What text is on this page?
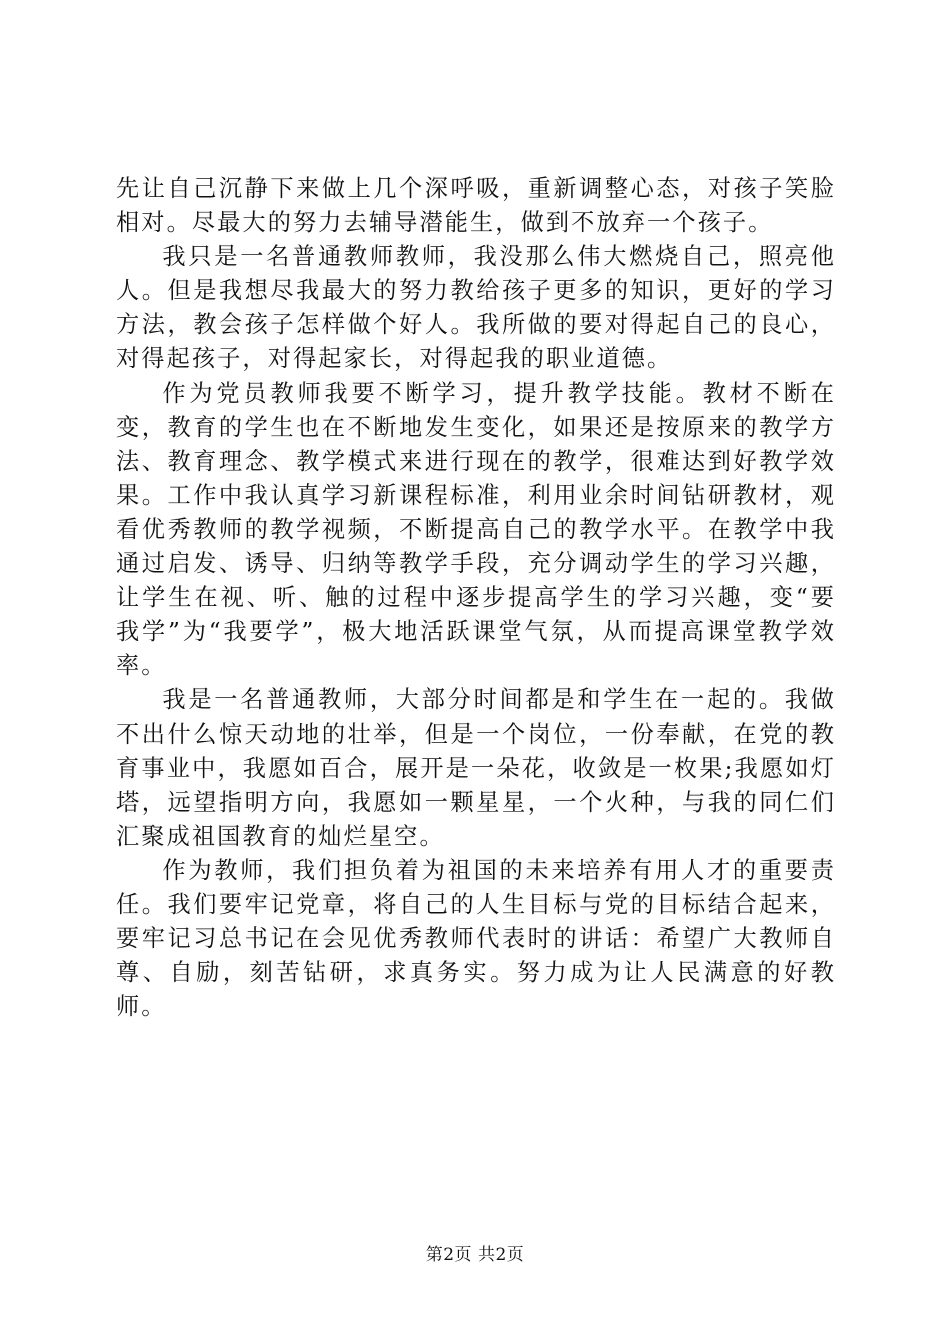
先让自己沉静下来做上几个深呼吸，重新调整心态，对孩子笑脸相对。尽最大的努力去辅导潜能生，做到不放弃一个孩子。

我只是一名普通教师教师，我没那么伟大燃烧自己，照亮他人。但是我想尽我最大的努力教给孩子更多的知识，更好的学习方法，教会孩子怎样做个好人。我所做的要对得起自己的良心，对得起孩子，对得起家长，对得起我的职业道德。

作为党员教师我要不断学习，提升教学技能。教材不断在变，教育的学生也在不断地发生变化，如果还是按原来的教学方法、教育理念、教学模式来进行现在的教学，很难达到好教学效果。工作中我认真学习新课程标准，利用业余时间钻研教材，观看优秀教师的教学视频，不断提高自己的教学水平。在教学中我通过启发、诱导、归纳等教学手段，充分调动学生的学习兴趣，让学生在视、听、触的过程中逐步提高学生的学习兴趣，变“要我学”为“我要学”，极大地活跃课堂气氛，从而提高课堂教学效率。

我是一名普通教师，大部分时间都是和学生在一起的。我做不出什么惊天动地的壮举，但是一个岗位，一份奉献，在党的教育事业中，我愿如百合，展开是一朵花，收敛是一枚果;我愿如灯塔，远望指明方向，我愿如一颗星星，一个火种，与我的同仁们汇聚成祖国教育的灿烂星空。

作为教师，我们担负着为祖国的未来培养有用人才的重要责任。我们要牢记党章，将自己的人生目标与党的目标结合起来，要牢记习总书记在会见优秀教师代表时的讲话：希望广大教师自尊、自励，刻苦钻研，求真务实。努力成为让人民满意的好教师。

第2页 共2页
